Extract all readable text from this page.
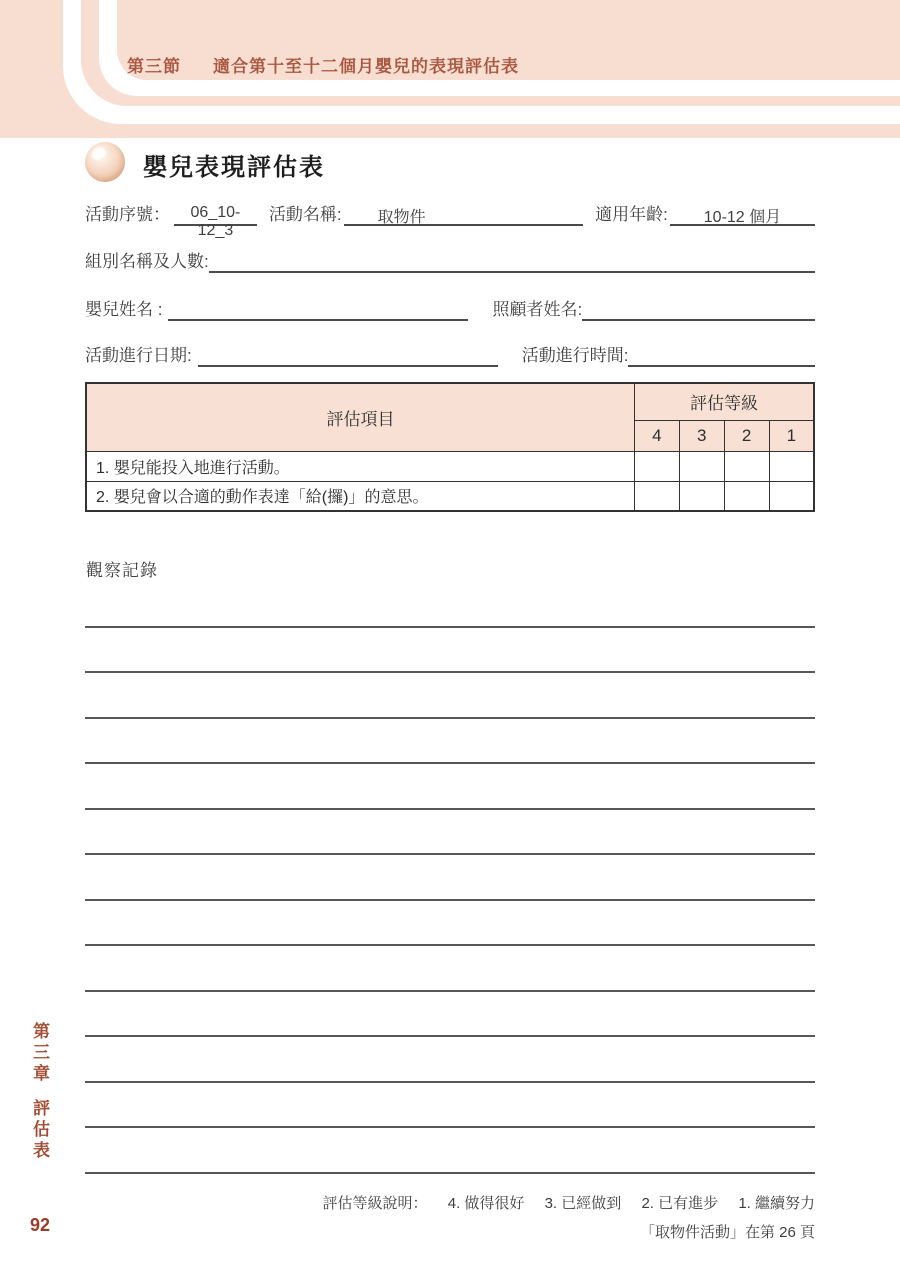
第三節 適合第十至十二個月嬰兒的表現評估表
嬰兒表現評估表
活動序號：	06_10-12_3
活動名稱:	取物件	適用年齡:	10-12 個月
組別名稱及人數:
嬰兒姓名 :	照顧者姓名:
活動進行日期:	活動進行時間:
評估項目	評估等級			
	4	3	2	1
1. 嬰兒能投入地進行活動。				
2. 嬰兒會以合適的動作表達「給(攞)」的意思。				
觀察記錄
第三章評估表
評估等級說明： 4. 做得很好 3. 已經做到 2. 已有進步 1. 繼續努力
「取物件活動」在第 26 頁
92
